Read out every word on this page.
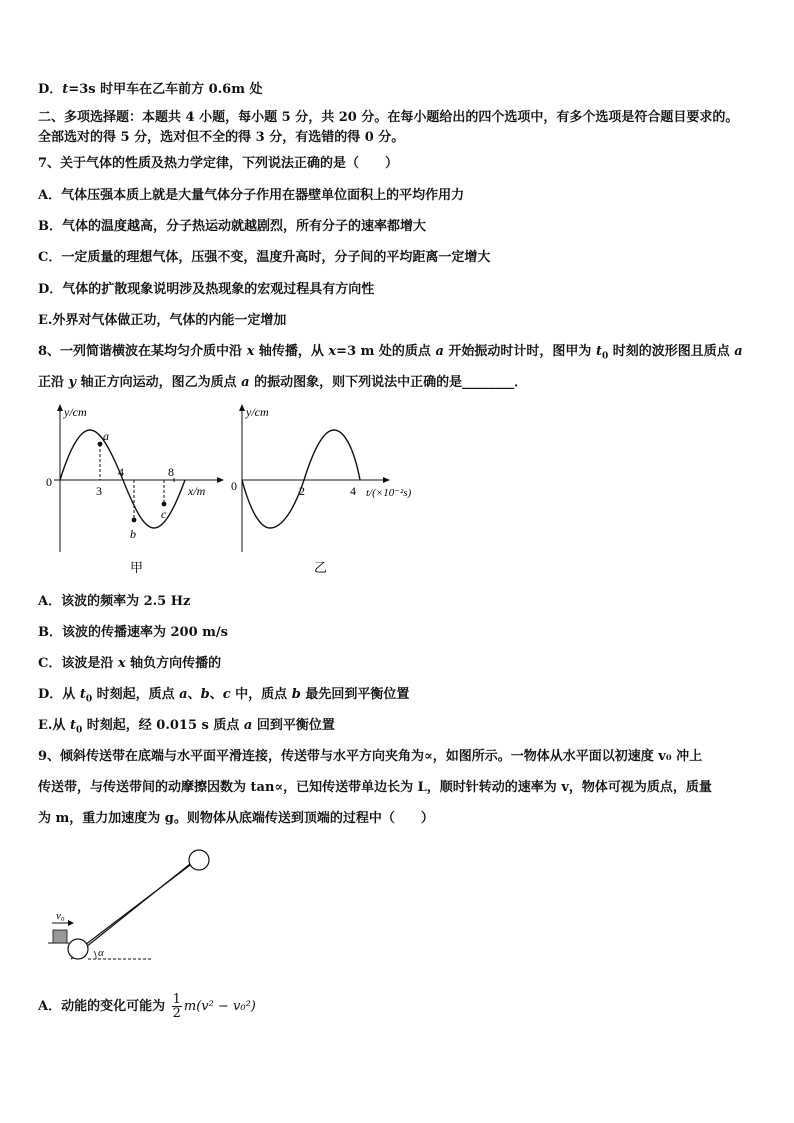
D．t=3s 时甲车在乙车前方 0.6m 处
二、多项选择题：本题共 4 小题，每小题 5 分，共 20 分。在每小题给出的四个选项中，有多个选项是符合题目要求的。
全部选对的得 5 分，选对但不全的得 3 分，有选错的得 0 分。
7、关于气体的性质及热力学定律，下列说法正确的是（　　）
A．气体压强本质上就是大量气体分子作用在器壁单位面积上的平均作用力
B．气体的温度越高，分子热运动就越剧烈，所有分子的速率都增大
C．一定质量的理想气体，压强不变，温度升高时，分子间的平均距离一定增大
D．气体的扩散现象说明涉及热现象的宏观过程具有方向性
E.外界对气体做正功，气体的内能一定增加
8、一列简谐横波在某均匀介质中沿 x 轴传播，从 x=3 m 处的质点 a 开始振动时计时，图甲为 $t_0$ 时刻的波形图且质点 a
正沿 y 轴正方向运动，图乙为质点 a 的振动图象，则下列说法中正确的是________．
y/cm
x/m
0
a
b
c
3
4	8
甲
y/cm
t/(×10⁻²s)
0	2	4
乙
A．该波的频率为 2.5 Hz
B．该波的传播速率为 200 m/s
C．该波是沿 x 轴负方向传播的
D．从 $t_0$ 时刻起，质点 a、b、c 中，质点 b 最先回到平衡位置
E.从 $t_0$ 时刻起，经 0.015 s 质点 a 回到平衡位置
9、倾斜传送带在底端与水平面平滑连接，传送带与水平方向夹角为∝，如图所示。一物体从水平面以初速度 v₀ 冲上
传送带，与传送带间的动摩擦因数为 tan∝，已知传送带单边长为 L，顺时针转动的速率为 v，物体可视为质点，质量
为 m，重力加速度为 g。则物体从底端传送到顶端的过程中（　　）
v₀
α
A．动能的变化可能为 $\frac{1}{2} m(v^2 - v_0^2)$
